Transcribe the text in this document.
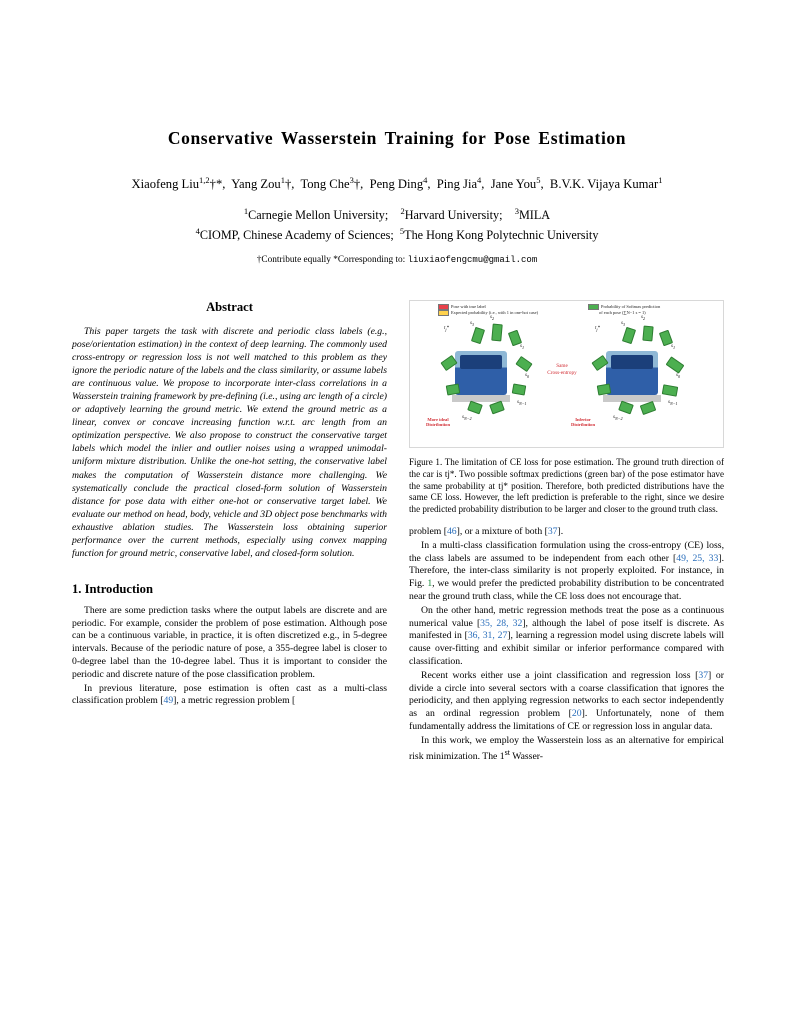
Conservative Wasserstein Training for Pose Estimation
Xiaofeng Liu$^{1,2}$†*,  Yang Zou$^1$†,  Tong Che$^3$†,  Peng Ding$^4$,  Ping Jia$^4$,  Jane You$^5$,  B.V.K. Vijaya Kumar$^1$
$^1$Carnegie Mellon University;    $^2$Harvard University;    $^3$MILA
$^4$CIOMP, Chinese Academy of Sciences;  $^5$The Hong Kong Polytechnic University
†Contribute equally *Corresponding to: liuxiaofengcmu@gmail.com
Abstract

This paper targets the task with discrete and periodic class labels (e.g., pose/orientation estimation) in the context of deep learning. The commonly used cross-entropy or regression loss is not well matched to this problem as they ignore the periodic nature of the labels and the class similarity, or assume labels are continuous value. We propose to incorporate inter-class correlations in a Wasserstein training framework by pre-defining (i.e., using arc length of a circle) or adaptively learning the ground metric. We extend the ground metric as a linear, convex or concave increasing function w.r.t. arc length from an optimization perspective. We also propose to construct the conservative target labels which model the inlier and outlier noises using a wrapped unimodal-uniform mixture distribution. Unlike the one-hot setting, the conservative label makes the computation of Wasserstein distance more challenging. We systematically conclude the practical closed-form solution of Wasserstein distance for pose data with either one-hot or conservative target label. We evaluate our method on head, body, vehicle and 3D object pose benchmarks with exhaustive ablation studies. The Wasserstein loss obtaining superior performance over the current methods, especially using convex mapping function for ground metric, conservative label, and closed-form solution.

1. Introduction

There are some prediction tasks where the output labels are discrete and are periodic. For example, consider the problem of pose estimation. Although pose can be a continuous variable, in practice, it is often discretized e.g., in 5-degree intervals. Because of the periodic nature of pose, a 355-degree label is closer to 0-degree label than the 10-degree label. Thus it is important to consider the periodic and discrete nature of the pose classification problem.

In previous literature, pose estimation is often cast as a multi-class classification problem [49], a metric regression problem [

Pose with true label
Expected probability (i.e., with 1 in one-hot case)
Probability of Softmax prediction
of each pose (∑N−1 s = 1)
$t_j*$
$s_2$
$s_3$
$s_1$
$s_0$
$s_{N-1}$
$s_{N-2}$
More ideal
Distribution
Same
Cross-entropy
$t_j*$
$s_2$
$s_3$
$s_1$
$s_0$
$s_{N-1}$
$s_{N-2}$
Inferior
Distribution
Figure 1. The limitation of CE loss for pose estimation. The ground truth direction of the car is tj*. Two possible softmax predictions (green bar) of the pose estimator have the same probability at tj* position. Therefore, both predicted distributions have the same CE loss. However, the left prediction is preferable to the right, since we desire the predicted probability distribution to be larger and closer to the ground truth class.

problem [46], or a mixture of both [37].

In a multi-class classification formulation using the cross-entropy (CE) loss, the class labels are assumed to be independent from each other [49, 25, 33]. Therefore, the inter-class similarity is not properly exploited. For instance, in Fig. 1, we would prefer the predicted probability distribution to be concentrated near the ground truth class, while the CE loss does not encourage that.

On the other hand, metric regression methods treat the pose as a continuous numerical value [35, 28, 32], although the label of pose itself is discrete. As manifested in [36, 31, 27], learning a regression model using discrete labels will cause over-fitting and exhibit similar or inferior performance compared with classification.

Recent works either use a joint classification and regression loss [37] or divide a circle into several sectors with a coarse classification that ignores the periodicity, and then applying regression networks to each sector independently as an ordinal regression problem [20]. Unfortunately, none of them fundamentally address the limitations of CE or regression loss in angular data.

In this work, we employ the Wasserstein loss as an alternative for empirical risk minimization. The 1st Wasser-
